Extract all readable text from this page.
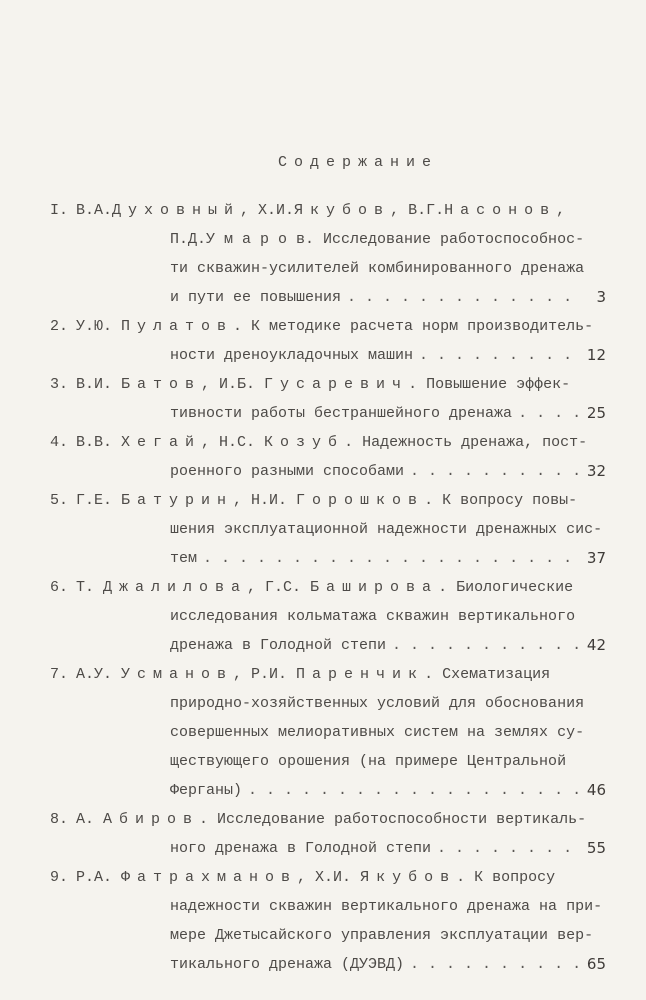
Содержание
I. В.А.Духовный, Х.И.Якубов, В.Г.Насонов,
П.Д.У м а р о в. Исследование работоспособнос-
ти скважин-усилителей комбинированного дренажа
и пути ее повышения . . .	3
2. У.Ю. Пулатов. К методике расчета норм производитель-
ности дреноукладочных машин . . .	12
3. В.И. Батов, И.Б. Гусаревич. Повышение эффек-
тивности работы бестраншейного дренажа . . .	25
4. В.В. Хегай, Н.С. Козуб. Надежность дренажа, пост-
роенного разными способами . . .	32
5. Г.Е. Батурин, Н.И. Горошков. К вопросу повы-
шения эксплуатационной надежности дренажных сис-
тем . . .	37
6. Т. Джалилова, Г.С. Баширова. Биологические
исследования кольматажа скважин вертикального
дренажа в Голодной степи . . .	42
7. А.У. Усманов, Р.И. Паренчик. Схематизация
природно-хозяйственных условий для обоснования
совершенных мелиоративных систем на землях су-
ществующего орошения (на примере Центральной
Ферганы) . . .	46
8. А. Абиров. Исследование работоспособности вертикаль-
ного дренажа в Голодной степи . . .	55
9. Р.А. Фатрахманов, Х.И. Якубов. К вопросу
надежности скважин вертикального дренажа на при-
мере Джетысайского управления эксплуатации вер-
тикального дренажа (ДУЭВД) . . .	65
